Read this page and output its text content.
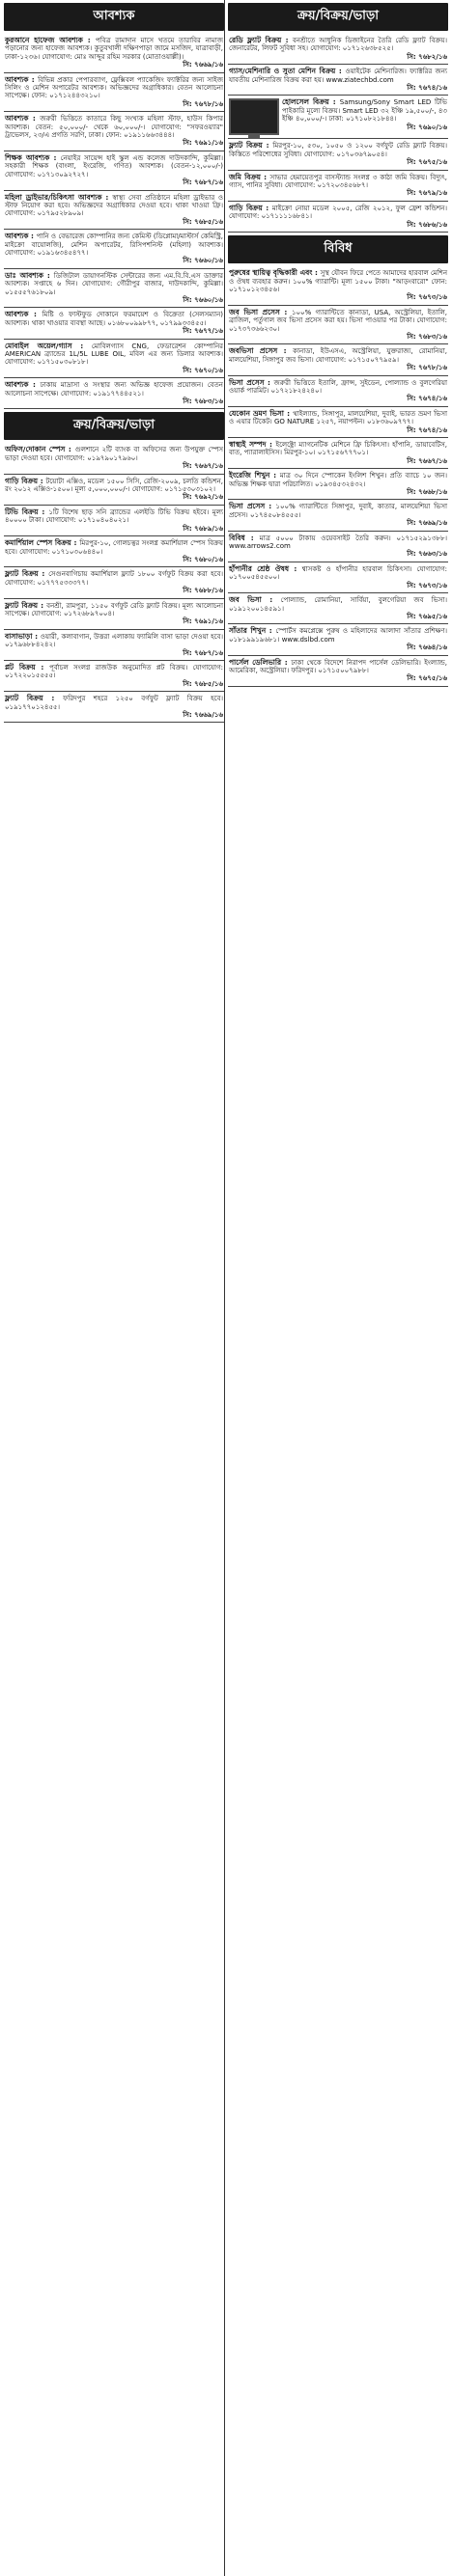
আবশ্যক
কুরআনে হাফেজ আবশ্যক : পবিত্র রামাদান মাসে খতমে তারাবির নামাজ পড়ানোর জন্য হাফেজ আবশ্যক। কুতুবখালী দক্ষিণপাড়া জামে মসজিদ, যাত্রাবাড়ী, ঢাকা-১২৩৬। যোগাযোগ: মোঃ আব্দুর রহিম সরকার (মোতাওয়াল্লী)।
সি: ৭৬৬৯/১৬
আবশ্যক : বিভিন্ন প্রকার পেপারব্যাগ, ফ্লেক্সিবল প্যাকেজিং ফ্যাক্টরির জন্য সাইজ সিলিং ও মেশিন অপারেটর আবশ্যক। অভিজ্ঞদের অগ্রাধিকার। বেতন আলোচনা সাপেক্ষে। ফোন: ০১৭১২৪৪৩২১০।
সি: ৭৬৭৮/১৬
আবশ্যক : জরুরী ভিত্তিতে কাতারে কিছু সংখ্যক মহিলা স্টাফ, হাউস কিপার আবশ্যক। বেতন: ৫০,০০০/- থেকে ৬০,০০০/-। যোগাযোগ: "সফরওয়্যার" ট্রাভেলস, ২৩/এ প্রগতি সরণি, ঢাকা। ফোন: ০১৯১১৬৬৩৪৪৪।
সি: ৭৬৯১/১৬
শিক্ষক আবশ্যক : নেয়াইর সায়েন্স হাই স্কুল এন্ড কলেজ দাউদকান্দি, কুমিল্লা। সহকারী শিক্ষক (বাংলা, ইংরেজি, গণিত) আবশ্যক। (বেতন-১২,০০০/-) যোগাযোগ: ০১৭১৩০৯২৭২৭।
সি: ৭৬৮৭/১৬
মহিলা ড্রাইভার/চিকিৎসা আবশ্যক : স্বাস্থ্য সেবা প্রতিষ্ঠানে মহিলা ড্রাইভার ও স্টাফ নিয়োগ করা হবে। অভিজ্ঞদের অগ্রাধিকার দেওয়া হবে। থাকা খাওয়া ফ্রি। যোগাযোগ: ০১৭৯৫২৮৯০৯।
সি: ৭৬৮৫/১৬
আবশ্যক : পানি ও বেভারেজ কোম্পানির জন্য কেমিস্ট (ডিপ্লোমা/মাস্টার্স কেমিস্ট্রি, মাইক্রো বায়োলজি), মেশিন অপারেটর, রিসিপশনিস্ট (মহিলা) আবশ্যক। যোগাযোগ: ০১৯১৬৩৪৫৪৭৭।
সি: ৭৬৬০/১৬
ডাঃ আবশ্যক : ডিজিটাল ডায়াগনস্টিক সেন্টারের জন্য এম.বি.বি.এস ডাক্তার আবশ্যক। সপ্তাহে ৬ দিন। যোগাযোগ: গৌরীপুর বাজার, দাউদকান্দি, কুমিল্লা। ০১৫৫৫৭৬১৮০৯।
সি: ৭৬৬০/১৬
আবশ্যক : মিষ্টি ও ফাস্টফুড দোকানে ফরমায়েশ ও বিক্রেতা (সেলসম্যান) আবশ্যক। থাকা খাওয়ার ব্যবস্থা আছে। ০১৬৮০০৯৯৮৭৭, ০১৭৯৯৩৩৪৫৫।
সি: ৭৬৭৭/১৬
মোবাইল অয়েল/গ্যাস : মোবিলগ্যাস CNG, ফেডারেশন কোম্পানির AMERICAN ব্র্যান্ডের 1L/5L LUBE OIL, মবিল এর জন্য ডিলার আবশ্যক। যোগাযোগ: ০১৭১৫০৩০৮১৮।
সি: ৭৬৭০/১৬
আবশ্যক : ঢাকায় মাদ্রাসা ও সংস্থার জন্য অভিজ্ঞ হাফেজ প্রয়োজন। বেতন আলোচনা সাপেক্ষে। যোগাযোগ: ০১৯১৭৭৪৪৫২১।
সি: ৭৬৮৩/১৬
ক্রয়/বিক্রয়/ভাড়া
অফিস/দোকান স্পেস : গুলশানে ২টি ব্যাংক বা অফিসের জন্য উপযুক্ত স্পেস ভাড়া দেওয়া হবে। যোগাযোগ: ০১৯৭৯০১৭৯৬০।
সি: ৭৬৬৭/১৬
গাড়ি বিক্রয় : টয়োটা এক্সিও, মডেল ১৫০০ সিসি, রেজি-২০০৯, চলতি কন্ডিশন, রং ২০১২ এক্সিও-১৫০০। মূল্য ৫,০০০,০০০/-। যোগাযোগ: ০১৭১৫৩০৩১০২।
সি: ৭৬৯২/১৬
টিভি বিক্রয় : ১টি বিশেষ ছাড় সনি ব্র্যান্ডের এলইডি টিভি বিক্রয় হইবে। মূল্য ৪০০০০ টাকা। যোগাযোগ: ০১৭১০৪০৪০২১।
সি: ৭৬৮৯/১৬
কমার্শিয়াল স্পেস বিক্রয় : মিরপুর-১০, গোলচত্বর সংলগ্ন কমার্শিয়াল স্পেস বিক্রয় হবে। যোগাযোগ: ০১৭১০৩০৬৪৪০।
সি: ৭৬৮০/১৬
ফ্ল্যাট বিক্রয় : সেগুনবাগিচায় কমার্শিয়াল ফ্ল্যাট ১৮০০ বর্গফুট বিক্রয় করা হবে। যোগাযোগ: ০১৭৭৭৫৩৩৩৭৭।
সি: ৭৬৮৮/১৬
ফ্ল্যাট বিক্রয় : বনশ্রী, রামপুরা, ১১৫০ বর্গফুট রেডি ফ্ল্যাট বিক্রয়। মূল্য আলোচনা সাপেক্ষে। যোগাযোগ: ০১৭২৬৮৯৭০০৪।
সি: ৭৬৯১/১৬
বাসাভাড়া : ওয়ারী, কলাবাগান, উত্তরা এলাকায় ফ্যামিলি বাসা ভাড়া দেওয়া হবে। ০১৭৯৬৮৮৪২৪২।
সি: ৭৬৮৭/১৬
প্লট বিক্রয় : পূর্বাচল সংলগ্ন রাজউক অনুমোদিত প্লট বিক্রয়। যোগাযোগ: ০১৭২২০১৫৫৫৫।
সি: ৭৬৮৫/১৬
ফ্ল্যাট বিক্রয় : ফরিদপুর শহরে ১২৫০ বর্গফুট ফ্ল্যাট বিক্রয় হবে। ০১৯১৭৭০১২৪৫৫।
সি: ৭৬৬৯/১৬
ক্রয়/বিক্রয়/ভাড়া
রেডি ফ্ল্যাট বিক্রয় : বনশ্রীতে আধুনিক ডিজাইনের তৈরি রেডি ফ্ল্যাট বিক্রয়। জেনারেটর, লিফট সুবিধা সহ। যোগাযোগ: ০১৭১২৬৩৮৫২৫।
সি: ৭৬৮২/১৬
গ্যাস/মেশিনারি ও সুতা মেশিন বিক্রয় : ওয়াইটেক মেশিনারিজ। ফ্যাক্টরির জন্য যাবতীয় মেশিনারিজ বিক্রয় করা হয়। www.ziatechbd.com
সি: ৭৬৭৪/১৬
হোলসেল বিক্রয় : Samsung/Sony Smart LED টিভি পাইকারি মূল্যে বিক্রয়। Smart LED ৩২ ইঞ্চি ১৯,৫০০/-, ৪৩ ইঞ্চি ৪০,০০০/-। ঢাকা: ০১৭১০৮২১৮৪৪।
সি: ৭৬৯০/১৬
ফ্ল্যাট বিক্রয় : মিরপুর-১০, ৫৩০, ১০৫০ ও ১২০০ বর্গফুট রেডি ফ্ল্যাট বিক্রয়। কিস্তিতে পরিশোধের সুবিধা। যোগাযোগ: ০১৭০৩৬৭৯০৫৪।
সি: ৭৬৭৫/১৬
জমি বিক্রয় : সাভার হেমায়েতপুর বাসস্ট্যান্ড সংলগ্ন ৩ কাঠা জমি বিক্রয়। বিদ্যুৎ, গ্যাস, পানির সুবিধা। যোগাযোগ: ০১৭২০৩৪৫৬৮৭।
সি: ৭৬৭৯/১৬
গাড়ি বিক্রয় : মাইক্রো নোয়া মডেল ২০০৫, রেজি ২০১২, ফুল ফ্রেশ কন্ডিশন। যোগাযোগ: ০১৭১১১১৬৮৪১।
সি: ৭৬৮৬/১৬
বিবিধ
পুরুষের স্থায়িত্ব বৃদ্ধিকারী এবং : সুস্থ যৌবন ফিরে পেতে আমাদের হারবাল মেশিন ও ঔষধ ব্যবহার করুন। ১০০% গ্যারান্টি। মূল্য ১৫০০ টাকা। "আড়ংবারো" ফোন: ০১৭১০১২৩৪৫৬।
সি: ৭৬৭৩/১৬
জব ভিসা প্রসেস : ১০০% গ্যারান্টিতে কানাডা, USA, অস্ট্রেলিয়া, ইতালি, ব্রাজিল, পর্তুগাল জব ভিসা প্রসেস করা হয়। ভিসা পাওয়ার পর টাকা। যোগাযোগ: ০১৭৩৭৩৬৬২৩০।
সি: ৭৬৮৩/১৬
জবভিসা প্রসেস : কানাডা, ইউএসএ, অস্ট্রেলিয়া, যুক্তরাজ্য, রোমানিয়া, মালয়েশিয়া, সিঙ্গাপুর জব ভিসা। যোগাযোগ: ০১৭১৫০৭৭৯৫৯।
সি: ৭৬৭৮/১৬
ভিসা প্রসেস : জরুরী ভিত্তিতে ইতালি, ফ্রান্স, সুইডেন, পোল্যান্ড ও বুলগেরিয়া ওয়ার্ক পারমিট। ০১৭২১৮২৪২৪০।
সি: ৭৬৭৪/১৬
যেকোন ভ্রমণ ভিসা : থাইল্যান্ড, সিঙ্গাপুর, মালয়েশিয়া, দুবাই, ভারত ভ্রমণ ভিসা ও এয়ার টিকেট। GO NATURE ১২৫৭, নয়াপল্টন। ০১৮৩৬০৯৭৭৭।
সি: ৭৬৭৪/১৬
স্বাস্থ্যই সম্পদ : ইলেক্ট্রো ম্যাগনেটিক মেশিনে ফ্রি চিকিৎসা। হাঁপানি, ডায়াবেটিস, বাত, প্যারালাইসিস। মিরপুর-১০। ০১৭১৫৬৭৭৭০১।
সি: ৭৬৬৭/১৬
ইংরেজি শিখুন : মাত্র ৩০ দিনে স্পোকেন ইংলিশ শিখুন। প্রতি ব্যাচে ১০ জন। অভিজ্ঞ শিক্ষক দ্বারা পরিচালিত। ০১৯৩৪৫৩২৪৩২।
সি: ৭৬৬৮/১৬
ভিসা প্রসেস : ১০০% গ্যারান্টিতে সিঙ্গাপুর, দুবাই, কাতার, মালয়েশিয়া ভিসা প্রসেস। ০১৭৪৫০৮৪৫৫৫।
সি: ৭৬৬৯/১৬
বিবিধ : মাত্র ৫০০০ টাকায় ওয়েবসাইট তৈরি করুন। ০১৭১৫২৯১৩৮৮। www.arrows2.com
সি: ৭৬৬৩/১৬
হাঁপানীর শ্রেষ্ঠ ঔষধ : শ্বাসকষ্ট ও হাঁপানীর হারবাল চিকিৎসা। যোগাযোগ: ০১৭০০৫৪৫৫০০।
সি: ৭৬৭৩/১৬
জব ভিসা : পোল্যান্ড, রোমানিয়া, সার্বিয়া, বুলগেরিয়া জব ভিসা। ০১৯১২০০১৪৫৯১।
সি: ৭৬৯৫/১৬
সাঁতার শিখুন : স্পোর্টস কমপ্লেক্সে পুরুষ ও মহিলাদের আলাদা সাঁতার প্রশিক্ষণ। ০১৮১৯৯১৯৬৮১। www.dslbd.com
সি: ৭৬৬৪/১৬
পার্সেল ডেলিভারি : ঢাকা থেকে বিদেশে নিরাপদ পার্সেল ডেলিভারি। ইংল্যান্ড, আমেরিকা, অস্ট্রেলিয়া। ফরিদপুর। ০১৭১৫০০৭৯৮৮।
সি: ৭৬৭৫/১৬
